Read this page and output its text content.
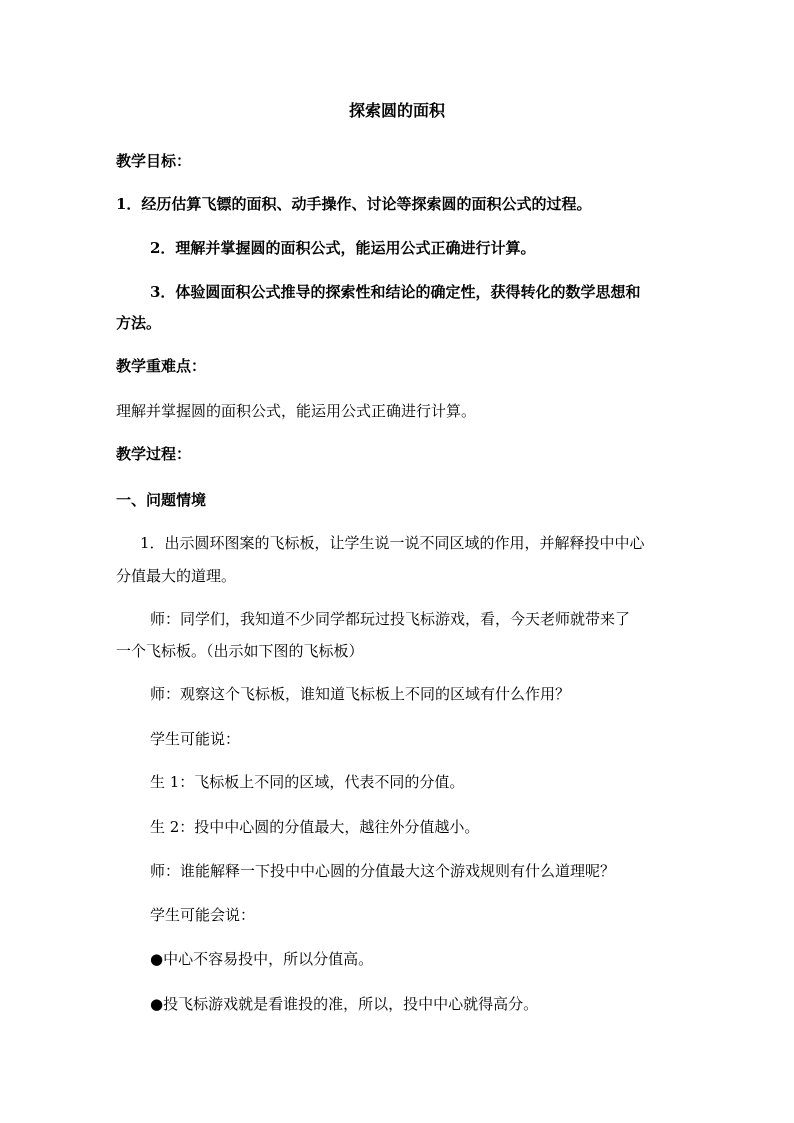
探索圆的面积
教学目标：
1．经历估算飞镖的面积、动手操作、讨论等探索圆的面积公式的过程。
2．理解并掌握圆的面积公式，能运用公式正确进行计算。
3．体验圆面积公式推导的探索性和结论的确定性，获得转化的数学思想和
方法。
教学重难点：
理解并掌握圆的面积公式，能运用公式正确进行计算。
教学过程：
一、问题情境
1．出示圆环图案的飞标板，让学生说一说不同区域的作用，并解释投中中心
分值最大的道理。
师：同学们，我知道不少同学都玩过投飞标游戏，看，今天老师就带来了
一个飞标板。（出示如下图的飞标板）
师：观察这个飞标板，谁知道飞标板上不同的区域有什么作用？
学生可能说：
生 1：飞标板上不同的区域，代表不同的分值。
生 2：投中中心圆的分值最大，越往外分值越小。
师：谁能解释一下投中中心圆的分值最大这个游戏规则有什么道理呢？
学生可能会说：
●中心不容易投中，所以分值高。
●投飞标游戏就是看谁投的准，所以，投中中心就得高分。
